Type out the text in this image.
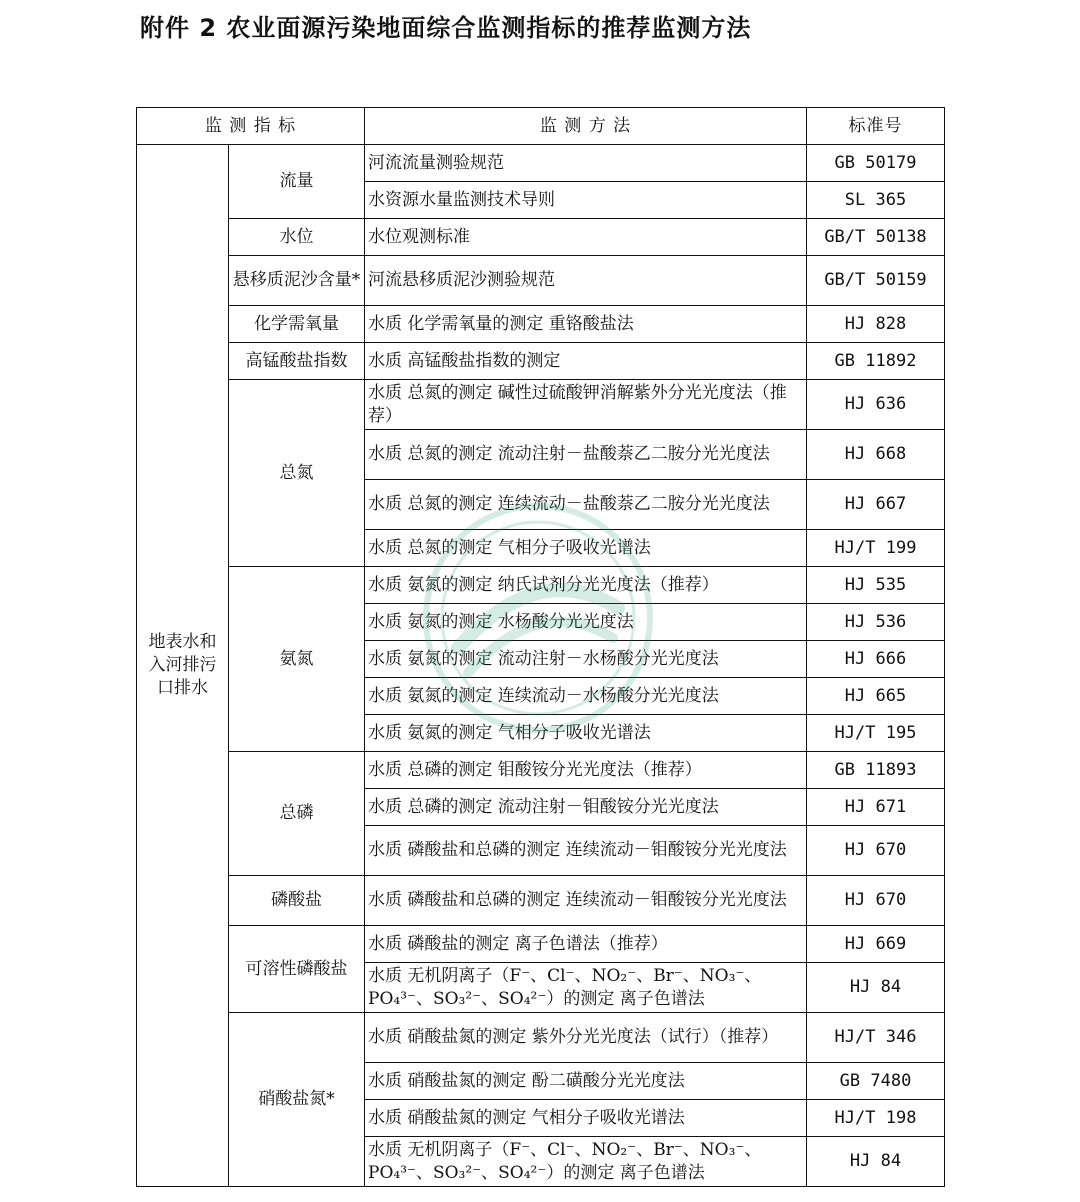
附件 2 农业面源污染地面综合监测指标的推荐监测方法
监 测 指 标		监 测 方 法	标准号
地表水和入河排污口排水	流量	河流流量测验规范	GB 50179
		水资源水量监测技术导则	SL 365
	水位	水位观测标准	GB/T 50138
	悬移质泥沙含量*	河流悬移质泥沙测验规范	GB/T 50159
	化学需氧量	水质 化学需氧量的测定 重铬酸盐法	HJ 828
	高锰酸盐指数	水质 高锰酸盐指数的测定	GB 11892
	总氮	水质 总氮的测定 碱性过硫酸钾消解紫外分光光度法（推荐）	HJ 636
		水质 总氮的测定 流动注射－盐酸萘乙二胺分光光度法	HJ 668
		水质 总氮的测定 连续流动－盐酸萘乙二胺分光光度法	HJ 667
		水质 总氮的测定 气相分子吸收光谱法	HJ/T 199
	氨氮	水质 氨氮的测定 纳氏试剂分光光度法（推荐）	HJ 535
		水质 氨氮的测定 水杨酸分光光度法	HJ 536
		水质 氨氮的测定 流动注射－水杨酸分光光度法	HJ 666
		水质 氨氮的测定 连续流动－水杨酸分光光度法	HJ 665
		水质 氨氮的测定 气相分子吸收光谱法	HJ/T 195
	总磷	水质 总磷的测定 钼酸铵分光光度法（推荐）	GB 11893
		水质 总磷的测定 流动注射－钼酸铵分光光度法	HJ 671
		水质 磷酸盐和总磷的测定 连续流动－钼酸铵分光光度法	HJ 670
	磷酸盐	水质 磷酸盐和总磷的测定 连续流动－钼酸铵分光光度法	HJ 670
	可溶性磷酸盐	水质 磷酸盐的测定 离子色谱法（推荐）	HJ 669
		水质 无机阴离子（F⁻、Cl⁻、NO₂⁻、Br⁻、NO₃⁻、PO₄³⁻、SO₃²⁻、SO₄²⁻）的测定 离子色谱法	HJ 84
	硝酸盐氮*	水质 硝酸盐氮的测定 紫外分光光度法（试行）（推荐）	HJ/T 346
		水质 硝酸盐氮的测定 酚二磺酸分光光度法	GB 7480
		水质 硝酸盐氮的测定 气相分子吸收光谱法	HJ/T 198
		水质 无机阴离子（F⁻、Cl⁻、NO₂⁻、Br⁻、NO₃⁻、PO₄³⁻、SO₃²⁻、SO₄²⁻）的测定 离子色谱法	HJ 84
